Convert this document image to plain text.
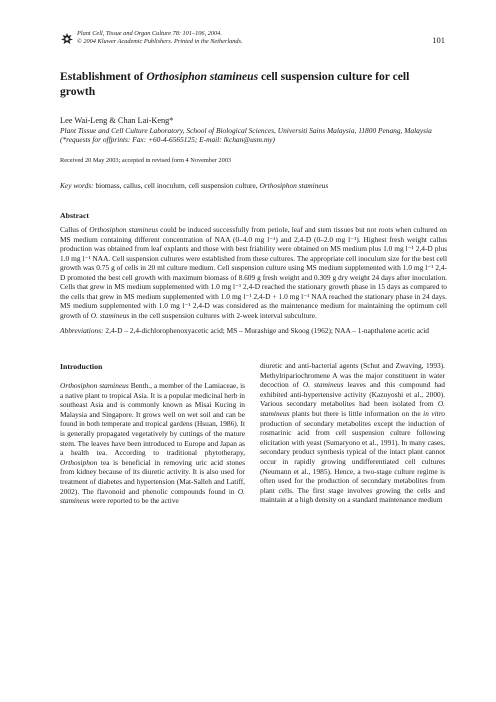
Plant Cell, Tissue and Organ Culture 78: 101–106, 2004.
© 2004 Kluwer Academic Publishers. Printed in the Netherlands.	101
Establishment of Orthosiphon stamineus cell suspension culture for cell growth
Lee Wai-Leng & Chan Lai-Keng*
Plant Tissue and Cell Culture Laboratory, School of Biological Sciences, Universiti Sains Malaysia, 11800 Penang, Malaysia (*requests for offprints: Fax: +60-4-6565125; E-mail: lkchan@usm.my)
Received 20 May 2003; accepted in revised form 4 November 2003
Key words: biomass, callus, cell inoculum, cell suspension culture, Orthosiphon stamineus
Abstract

Callus of Orthosiphon stamineus could be induced successfully from petiole, leaf and stem tissues but not roots when cultured on MS medium containing different concentration of NAA (0–4.0 mg l⁻¹) and 2,4-D (0–2.0 mg l⁻¹). Highest fresh weight callus production was obtained from leaf explants and those with best friability were obtained on MS medium plus 1.0 mg l⁻¹ 2,4-D plus 1.0 mg l⁻¹ NAA. Cell suspension cultures were established from these cultures. The appropriate cell inoculum size for the best cell growth was 0.75 g of cells in 20 ml culture medium. Cell suspension culture using MS medium supplemented with 1.0 mg l⁻¹ 2,4-D promoted the best cell growth with maximum biomass of 8.609 g fresh weight and 0.309 g dry weight 24 days after inoculation. Cells that grew in MS medium supplemented with 1.0 mg l⁻¹ 2,4-D reached the stationary growth phase in 15 days as compared to the cells that grew in MS medium supplemented with 1.0 mg l⁻¹ 2,4-D + 1.0 mg l⁻¹ NAA reached the stationary phase in 24 days. MS medium supplemented with 1.0 mg l⁻¹ 2,4-D was considered as the maintenance medium for maintaining the optimum cell growth of O. stamineus in the cell suspension cultures with 2-week interval subculture.

Abbreviations: 2,4-D – 2,4-dichlorophenoxyacetic acid; MS – Murashige and Skoog (1962); NAA – 1-napthalene acetic acid

Introduction

Orthosiphon stamineus Benth., a member of the Lamiaceae, is a native plant to tropical Asia. It is a popular medicinal herb in southeast Asia and is commonly known as Misai Kucing in Malaysia and Singapore. It grows well on wet soil and can be found in both temperate and tropical gardens (Hsuan, 1986). It is generally propagated vegetatively by cuttings of the mature stem. The leaves have been introduced to Europe and Japan as a health tea. According to traditional phytotherapy, Orthosiphon tea is beneficial in removing uric acid stones from kidney because of its diuretic activity. It is also used for treatment of diabetes and hypertension (Mat-Salleh and Latiff, 2002). The flavonoid and phenolic compounds found in O. stamineus were reported to be the active

diuretic and anti-bacterial agents (Schut and Zwaving, 1993). Methylripariochromene A was the major constituent in water decoction of O. stamineus leaves and this compound had exhibited anti-hypertensive activity (Kazuyoshi et al., 2000). Various secondary metabolites had been isolated from O. stamineus plants but there is little information on the in vitro production of secondary metabolites except the induction of rosmarinic acid from cell suspension culture following elicitation with yeast (Sumaryono et al., 1991). In many cases, secondary product synthesis typical of the intact plant cannot occur in rapidly growing undifferentiated cell cultures (Neumann et al., 1985). Hence, a two-stage culture regime is often used for the production of secondary metabolites from plant cells. The first stage involves growing the cells and maintain at a high density on a standard maintenance medium
